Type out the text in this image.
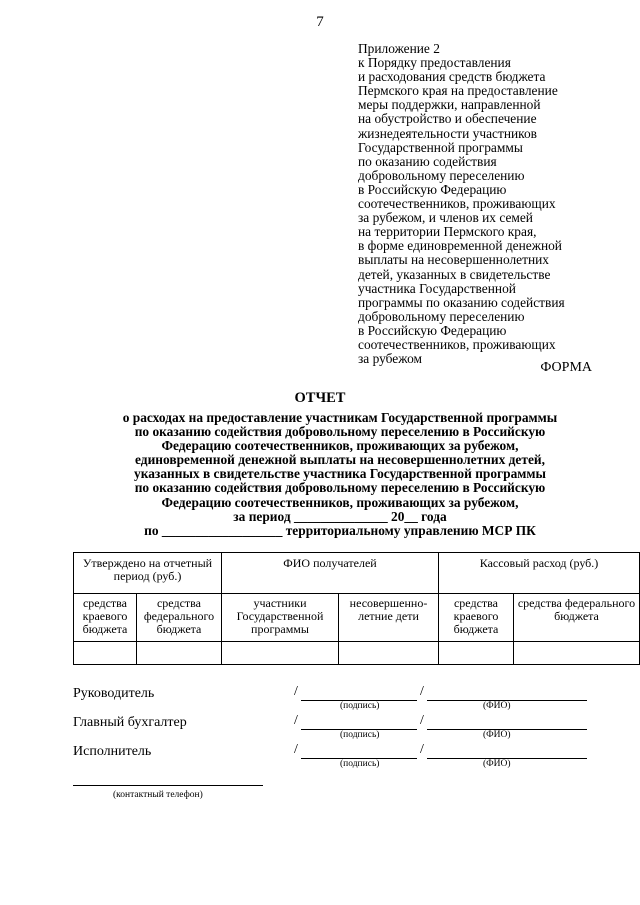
7
Приложение 2
к Порядку предоставления
и расходования средств бюджета
Пермского края на предоставление
меры поддержки, направленной
на обустройство и обеспечение
жизнедеятельности участников
Государственной программы
по оказанию содействия
добровольному переселению
в Российскую Федерацию
соотечественников, проживающих
за рубежом, и членов их семей
на территории Пермского края,
в форме единовременной денежной
выплаты на несовершеннолетних
детей, указанных в свидетельстве
участника Государственной
программы по оказанию содействия
добровольному переселению
в Российскую Федерацию
соотечественников, проживающих
за рубежом
ФОРМА
ОТЧЕТ
о расходах на предоставление участникам Государственной программы
по оказанию содействия добровольному переселению в Российскую
Федерацию соотечественников, проживающих за рубежом,
единовременной денежной выплаты на несовершеннолетних детей,
указанных в свидетельстве участника Государственной программы
по оказанию содействия добровольному переселению в Российскую
Федерацию соотечественников, проживающих за рубежом,
за период ______________ 20__ года
по __________________ территориальному управлению МСР ПК
Утверждено на отчетный период (руб.)		ФИО получателей		Кассовый расход (руб.)	
средства краевого бюджета	средства федерального бюджета	участники Государственной программы	несовершенно-летние дети	средства краевого бюджета	средства федерального бюджета

Руководитель	/	/
(подпись)	(ФИО)
Главный бухгалтер	/	/
(подпись)	(ФИО)
Исполнитель	/	/
(подпись)	(ФИО)
(контактный телефон)
